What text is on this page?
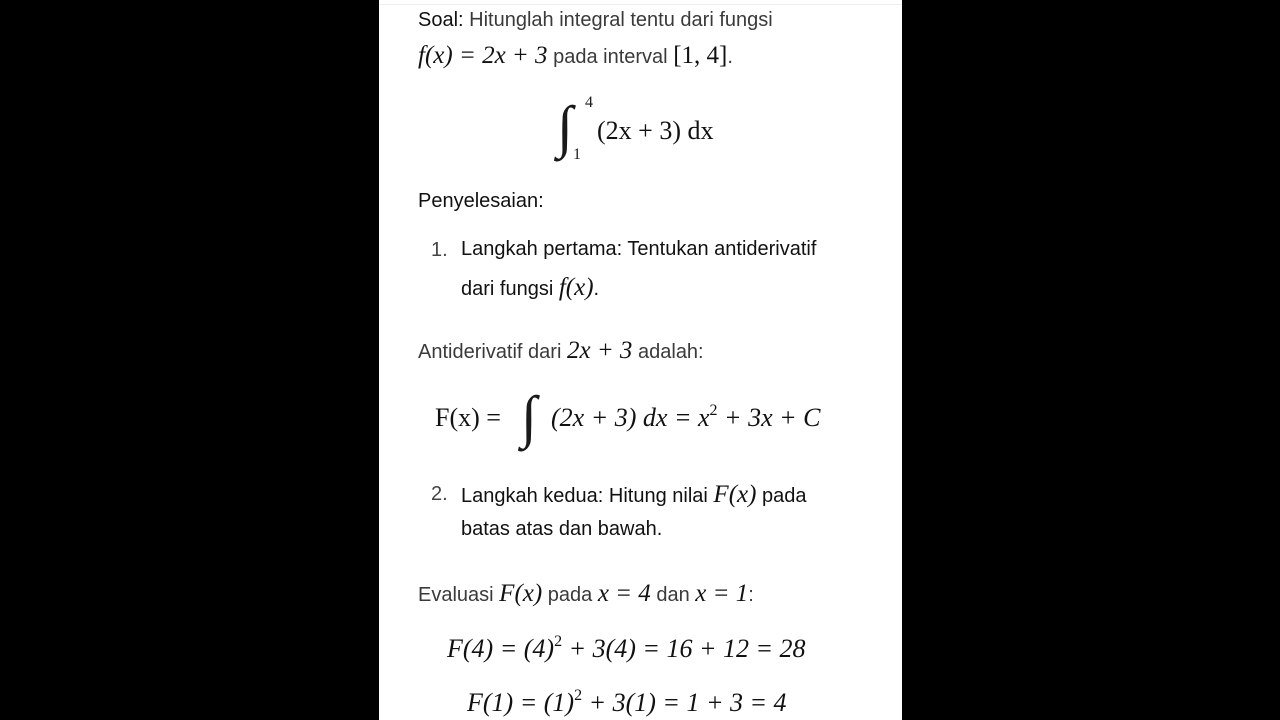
Soal: Hitunglah integral tentu dari fungsi
f(x) = 2x + 3 pada interval [1, 4].
∫ 4
1
(2x + 3) dx
Penyelesaian:
1. Langkah pertama: Tentukan antiderivatif
dari fungsi f(x).
Antiderivatif dari 2x + 3 adalah:
F(x) = ∫ (2x + 3) dx = $x^2 + 3x + C$
2. Langkah kedua: Hitung nilai F(x) pada
batas atas dan bawah.
Evaluasi F(x) pada x = 4 dan x = 1:
$F(4) = (4)^2 + 3(4) = 16 + 12 = 28$
$F(1) = (1)^2 + 3(1) = 1 + 3 = 4$
